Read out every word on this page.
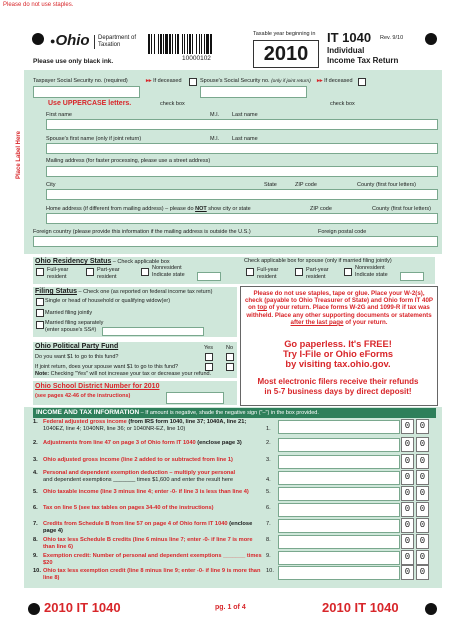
Please do not use staples.
●Ohio Department of
Taxation
Please use only black ink.	10000102
Taxable year beginning in
2010
IT 1040 Rev. 9/10
Individual
Income Tax Return
Place Label Here
Taxpayer Social Security no. (required)	▸▸ If deceased	Spouse's Social Security no. (only if joint return) ▸▸ If deceased
Use UPPERCASE letters.	check box	check box
First name	M.I. Last name
Spouse's first name (only if joint return)	M.I. Last name
Mailing address (for faster processing, please use a street address)
City	State	ZIP code	County (first four letters)
Home address (if different from mailing address) – please do NOT show city or state	ZIP code	County (first four letters)
Foreign country (please provide this information if the mailing address is outside the U.S.)	Foreign postal code
Ohio Residency Status – Check applicable box
Full-year
resident
Part-year
resident
Nonresident
Indicate state
Check applicable box for spouse (only if married filing jointly)
Full-year
resident
Part-year
resident
Nonresident
Indicate state
Filing Status – Check one (as reported on federal income tax return)
Single or head of household or qualifying widow(er)
Married filing jointly
Married filing separately
(enter spouse's SS#)
Ohio Political Party Fund	Yes No
Do you want $1 to go to this fund?
If joint return, does your spouse want $1 to go to this fund?
Note: Checking "Yes" will not increase your tax or decrease your refund.
Ohio School District Number for 2010
(see pages 42-46 of the instructions)
Please do not use staples, tape or glue. Place your W-2(s), check (payable to Ohio Treasurer of State) and Ohio form IT 40P on top of your return. Place forms W-2G and 1099-R if tax was withheld. Place any other supporting documents or statements after the last page of your return.
Go paperless. It's FREE!
Try I-File or Ohio eForms
by visiting tax.ohio.gov.
Most electronic filers receive their refunds
in 5-7 business days by direct deposit!
INCOME AND TAX INFORMATION – If amount is negative, shade the negative sign ("–") in the box provided.
1. Federal adjusted gross income (from IRS form 1040, line 37; 1040A, line 21;
1040EZ, line 4; 1040NR, line 36; or 1040NR-EZ, line 10)	1.	0	0
2. Adjustments from line 47 on page 3 of Ohio form IT 1040 (enclose page 3)	2.	0	0
3. Ohio adjusted gross income (line 2 added to or subtracted from line 1)	3.	0	0
4. Personal and dependent exemption deduction – multiply your personal
and dependent exemptions _______ times $1,600 and enter the result here	4.	0	0
5. Ohio taxable income (line 3 minus line 4; enter -0- if line 3 is less than line 4)	5.	0	0
6. Tax on line 5 (see tax tables on pages 34-40 of the instructions)	6.	0	0
7. Credits from Schedule B from line 57 on page 4 of Ohio form IT 1040 (enclose page 4)
7.	0	0
8. Ohio tax less Schedule B credits (line 6 minus line 7; enter -0- if line 7 is more than line 6)
8.	0	0
9. Exemption credit: Number of personal and dependent exemptions _______ times $20
9.	0	0
10. Ohio tax less exemption credit (line 8 minus line 9; enter -0- if line 9 is more than line 8)
10.	0	0
2010 IT 1040	pg. 1 of 4	2010 IT 1040
